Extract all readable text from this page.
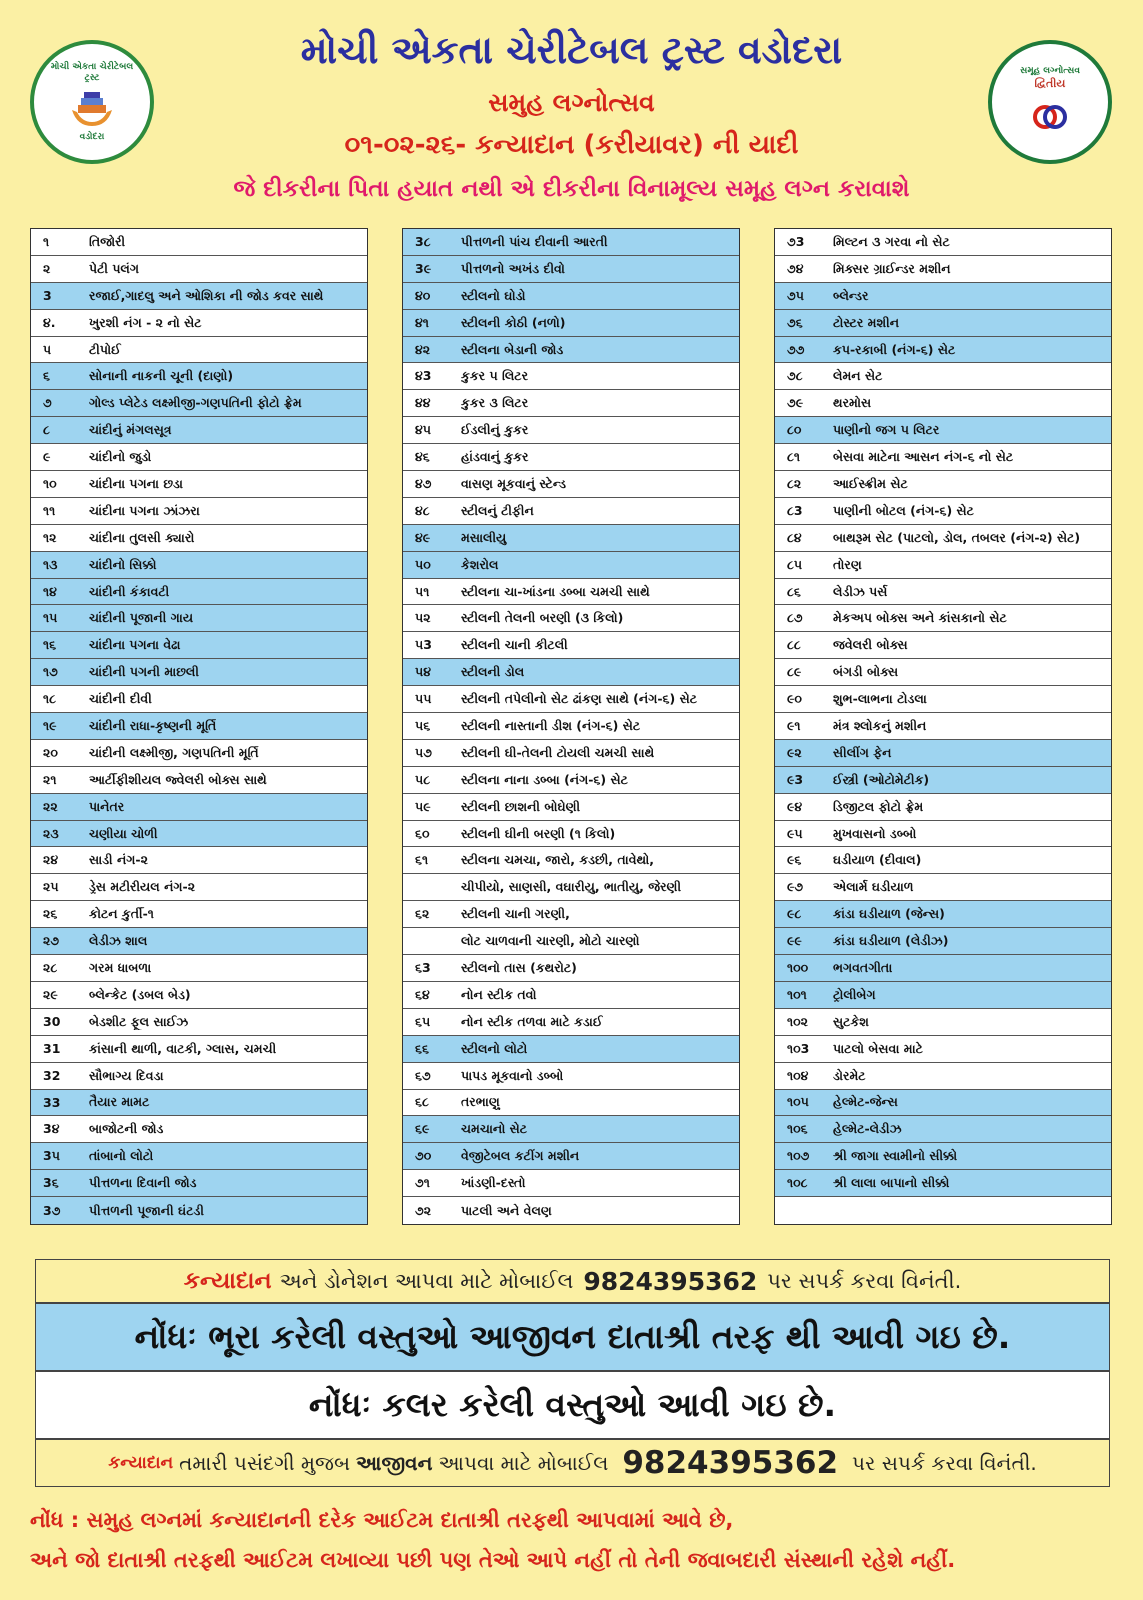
મોચી એકતા ચેરીટેબલ ટ્રસ્ટ
વડોદરા
સમૂહ લગ્નોત્સવ
દ્વિતીય
મોચી એકતા ચેરીટેબલ ટ્રસ્ટ વડોદરા
સમુહ લગ્નોત્સવ
૦૧-૦૨-૨૬- કન્યાદાન (કરીયાવર) ની યાદી
જે દીકરીના પિતા હયાત નથી એ દીકરીના વિનામૂલ્ય સમૂહ લગ્ન કરાવાશે
૧	તિજોરી
૨	પેટી પલંગ
3	રજાઈ,ગાદલુ અને ઓશિકા ની જોડ કવર સાથે
૪.	ખુરશી નંગ - ૨ નો સેટ
પ	ટીપોઈ
૬	સોનાની નાકની ચૂની (દાણો)
૭	ગોલ્ડ પ્લેટેડ લક્ષ્મીજી-ગણપતિની ફોટો ફ્રેમ
૮	ચાંદીનું મંગલસૂત્ર
૯	ચાંદીનો જુડો
૧૦	ચાંદીના પગના છડા
૧૧	ચાંદીના પગના ઝાંઝરા
૧૨	ચાંદીના તુલસી ક્યારો
૧૩	ચાંદીનો સિક્કો
૧૪	ચાંદીની કંકાવટી
૧૫	ચાંદીની પૂજાની ગાય
૧૬	ચાંદીના પગના વેઢા
૧૭	ચાંદીની પગની માછલી
૧૮	ચાંદીની દીવી
૧૯	ચાંદીની રાધા-કૃષ્ણની મૂર્તિ
૨૦	ચાંદીની લક્ષ્મીજી, ગણપતિની મૂર્તિ
૨૧	આર્ટીફીશીયલ જ્વેલરી બોક્સ સાથે
૨૨	પાનેતર
૨૩	ચણીયા ચોળી
૨૪	સાડી નંગ-૨
૨૫	ડ્રેસ મટીરીયલ નંગ-૨
૨૬	કોટન કુર્તી-૧
૨૭	લેડીઝ શાલ
૨૮	ગરમ ધાબળા
૨૯	બ્લેન્કેટ (ડબલ બેડ)
30	બેડશીટ ફૂલ સાઈઝ
31	કાંસાની થાળી, વાટકી, ગ્લાસ, ચમચી
32	સૌભાગ્ય દિવડા
33	તૈયાર મામટ
3૪	બાજોટની જોડ
3૫	તાંબાનો લોટો
3૬	પીત્તળના દિવાની જોડ
3૭	પીત્તળની પૂજાની ઘંટડી
3૮	પીત્તળની પાંચ દીવાની આરતી
3૯	પીત્તળનો અખંડ દીવો
૪૦	સ્ટીલનો ઘોડો
૪૧	સ્ટીલની કોઠી (નળો)
૪૨	સ્ટીલના બેડાની જોડ
૪3	કુકર ૫ લિટર
૪૪	કુકર ૩ લિટર
૪૫	ઈડલીનું કુકર
૪૬	હાંડવાનું કુકર
૪૭	વાસણ મૂકવાનું સ્ટેન્ડ
૪૮	સ્ટીલનું ટીફીન
૪૯	મસાલીયુ
૫૦	કેશરોલ
૫૧	સ્ટીલના ચા-ખાંડના ડબ્બા ચમચી સાથે
૫૨	સ્ટીલની તેલની બરણી (૩ કિલો)
૫3	સ્ટીલની ચાની કીટલી
૫૪	સ્ટીલની ડોલ
૫૫	સ્ટીલની તપેલીનો સેટ ઢાંકણ સાથે (નંગ-૬) સેટ
૫૬	સ્ટીલની નાસ્તાની ડીશ (નંગ-૬) સેટ
૫૭	સ્ટીલની ઘી-તેલની ટોયલી ચમચી સાથે
૫૮	સ્ટીલના નાના ડબ્બા (નંગ-૬) સેટ
૫૯	સ્ટીલની છાશની બોઘેણી
૬૦	સ્ટીલની ઘીની બરણી (૧ કિલો)
૬૧	સ્ટીલના ચમચા, જારો, કડછી, તાવેથો,
ચીપીયો, સાણસી, વઘારીયુ, ભાતીયુ, જેરણી
૬૨	સ્ટીલની ચાની ગરણી,
લોટ ચાળવાની ચારણી, મોટો ચારણો
૬3	સ્ટીલનો તાસ (કથરોટ)
૬૪	નોન સ્ટીક તવો
૬૫	નોન સ્ટીક તળવા માટે કડાઈ
૬૬	સ્ટીલનો લોટો
૬૭	પાપડ મૂકવાનો ડબ્બો
૬૮	તરભાણુ
૬૯	ચમચાનો સેટ
૭૦	વેજીટેબલ કટીંગ મશીન
૭૧	ખાંડણી-દસ્તો
૭૨	પાટલી અને વેલણ
૭3	મિલ્ટન ૩ ગરવા નો સેટ
૭૪	મિક્સર ગ્રાઈન્ડર મશીન
૭૫	બ્લેન્ડર
૭૬	ટોસ્ટર મશીન
૭૭	કપ-રકાબી (નંગ-૬) સેટ
૭૮	લેમન સેટ
૭૯	થરમોસ
૮૦	પાણીનો જગ ૫ લિટર
૮૧	બેસવા માટેના આસન નંગ-૬ નો સેટ
૮૨	આઈસ્ક્રીમ સેટ
૮3	પાણીની બોટલ (નંગ-૬) સેટ
૮૪	બાથરૂમ સેટ (પાટલો, ડોલ, તબલર (નંગ-૨) સેટ)
૮૫	તોરણ
૮૬	લેડીઝ પર્સ
૮૭	મેકઅપ બોક્સ અને કાંસકાનો સેટ
૮૮	જવેલરી બોક્સ
૮૯	બંગડી બોક્સ
૯૦	શુભ-લાભના ટોડલા
૯૧	મંત્ર શ્લોકનું મશીન
૯૨	સીલીંગ ફેન
૯3	ઈસ્ત્રી (ઓટોમેટીક)
૯૪	ડિજીટલ ફોટો ફ્રેમ
૯૫	મુખવાસનો ડબ્બો
૯૬	ઘડીયાળ (દીવાલ)
૯૭	એલાર્મ ઘડીયાળ
૯૮	કાંડા ઘડીયાળ (જેન્સ)
૯૯	કાંડા ઘડીયાળ (લેડીઝ)
૧૦૦	ભગવતગીતા
૧૦૧	ટ્રોલીબેગ
૧૦૨	સુટકેશ
૧૦3	પાટલો બેસવા માટે
૧૦૪	ડોરમેટ
૧૦૫	હેલ્મેટ-જેન્સ
૧૦૬	હેલ્મેટ-લેડીઝ
૧૦૭	શ્રી જાગા સ્વામીનો સીક્કો
૧૦૮	શ્રી લાલા બાપાનો સીક્કો
કન્યાદાન અને ડોનેશન આપવા માટે મોબાઈલ 9824395362 પર સપર્ક કરવા વિનંતી.
નોંધઃ ભૂરા કરેલી વસ્તુઓ આજીવન દાતાશ્રી તરફ થી આવી ગઇ છે.
નોંધઃ કલર કરેલી વસ્તુઓ આવી ગઇ છે.
કન્યાદાન તમારી પસંદગી મુજબ આજીવન આપવા માટે મોબાઈલ 9824395362 પર સપર્ક કરવા વિનંતી.

નોંધ : સમુહ લગ્નમાં કન્યાદાનની દરેક આઈટમ દાતાશ્રી તરફથી આપવામાં આવે છે,

અને જો દાતાશ્રી તરફથી આઈટમ લખાવ્યા પછી પણ તેઓ આપે નહીં તો તેની જવાબદારી સંસ્થાની રહેશે નહીં.
